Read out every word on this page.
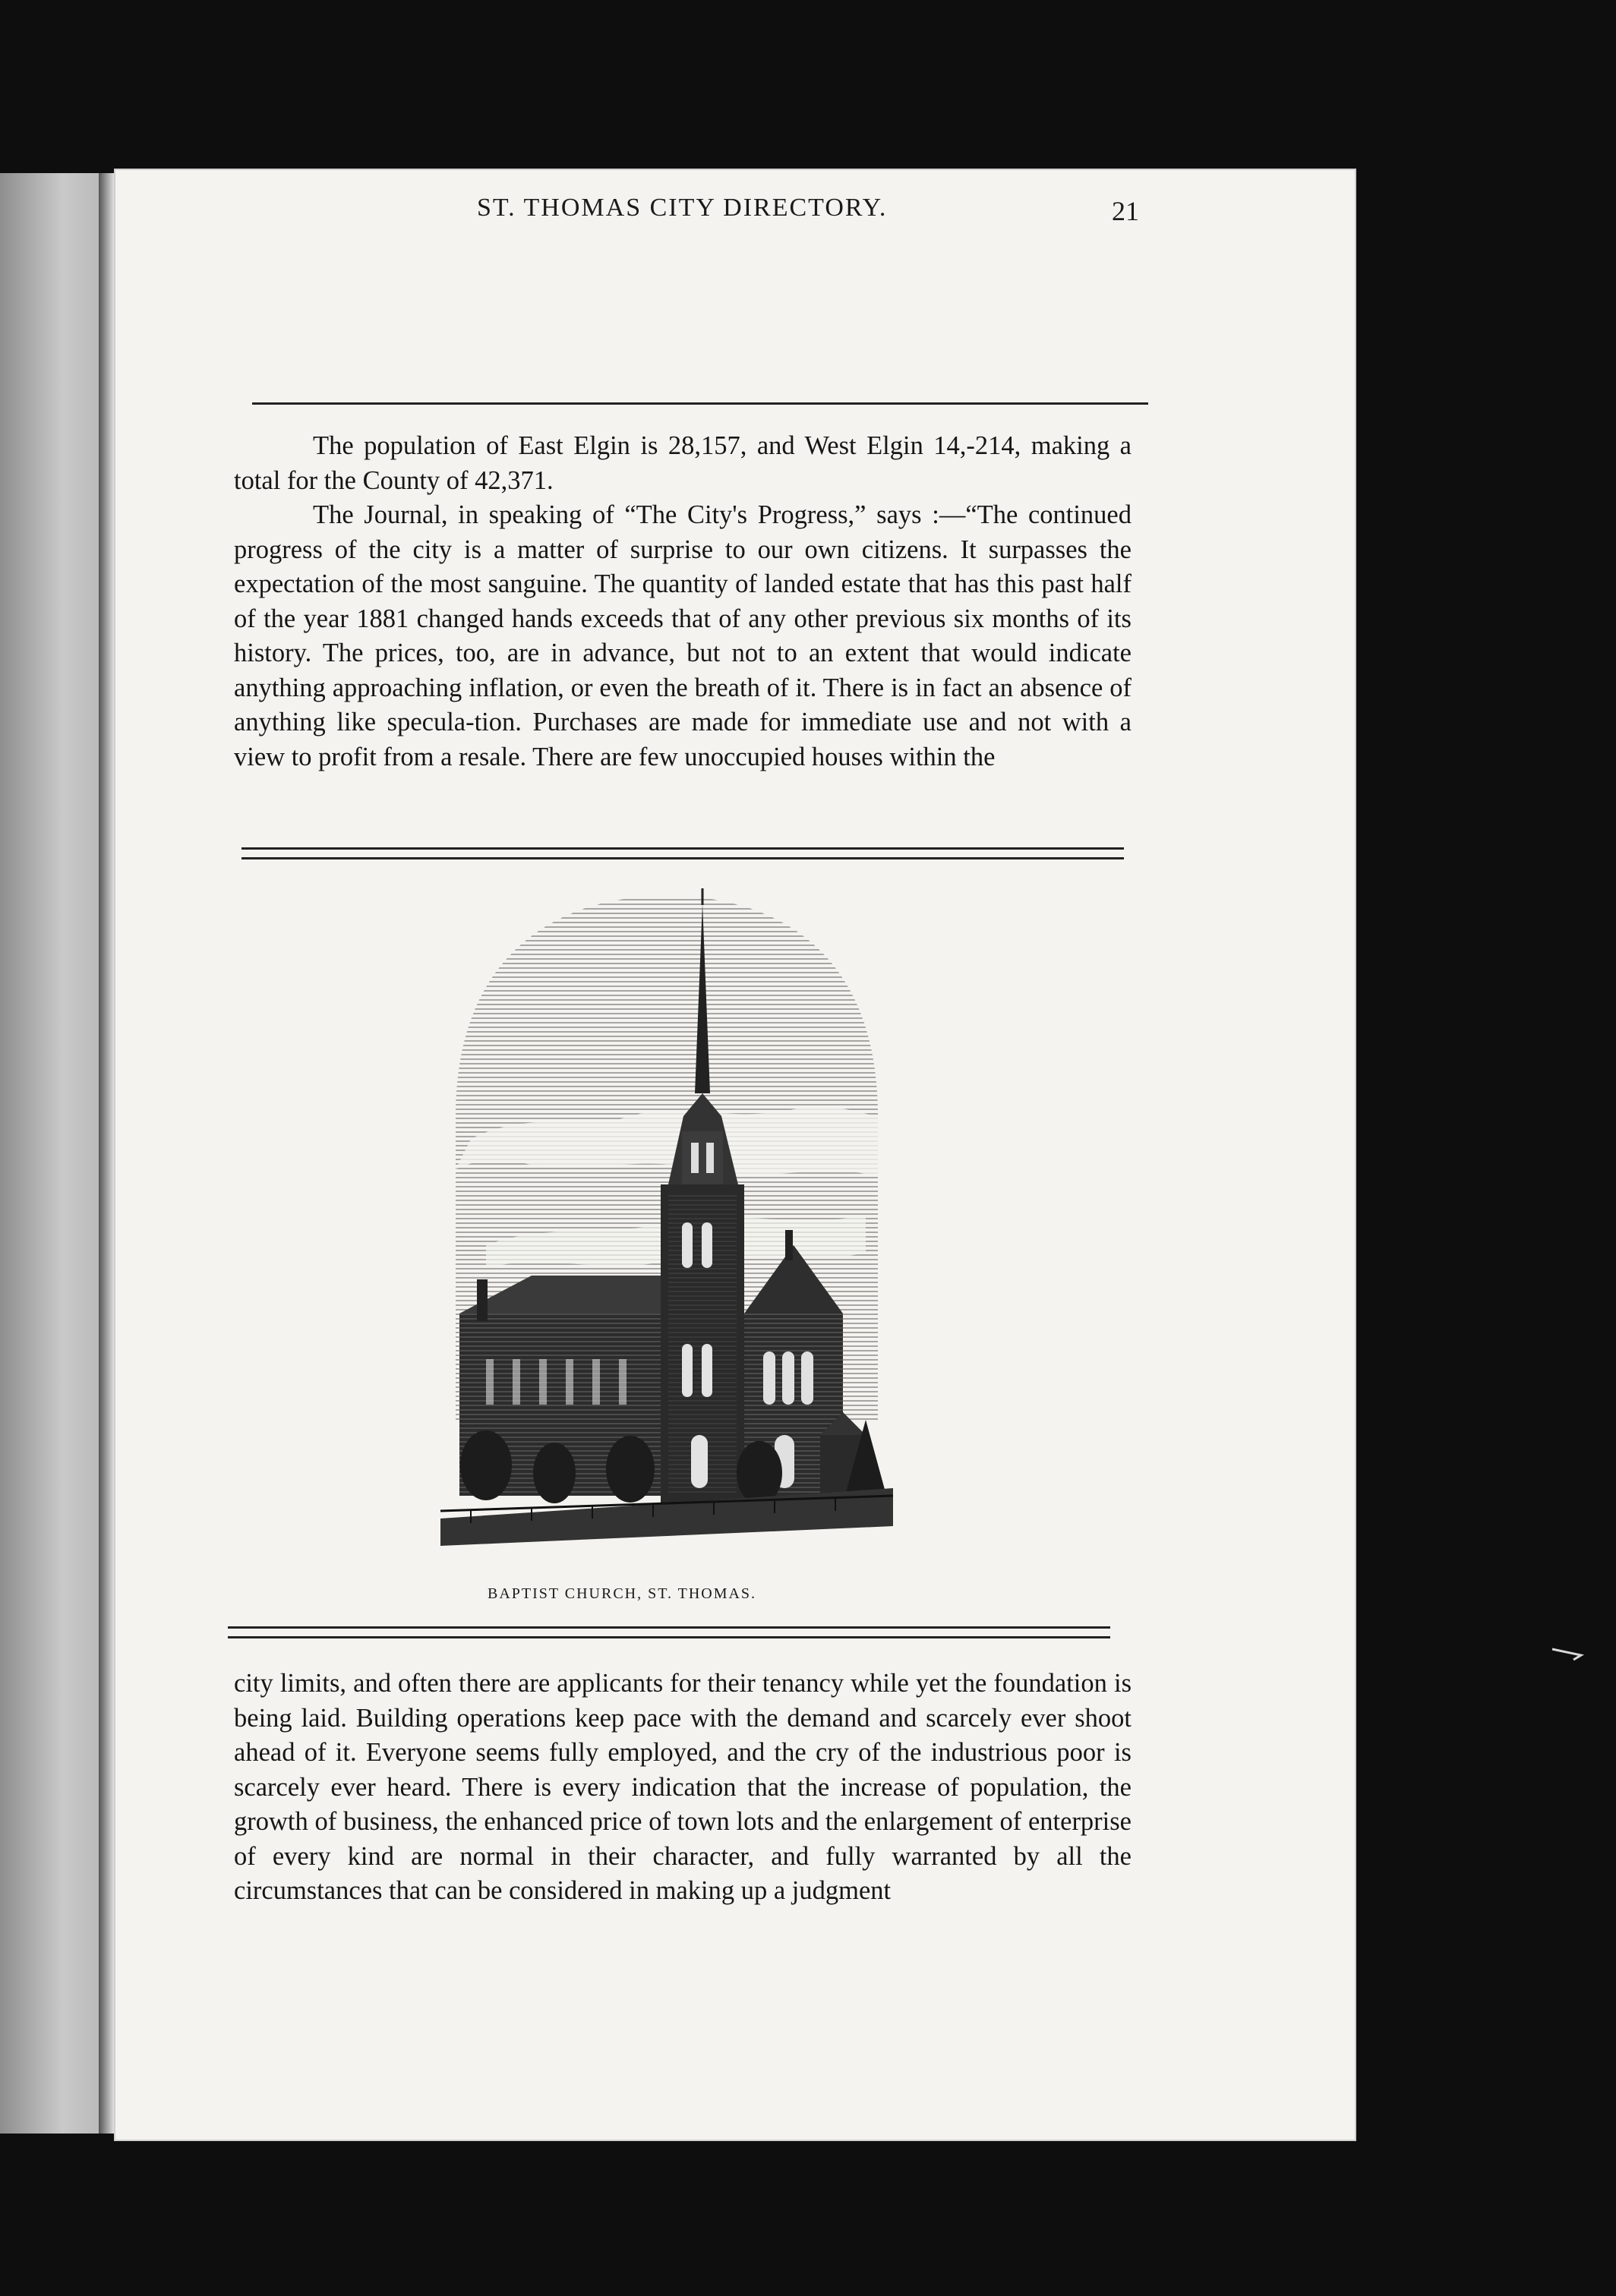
ST. THOMAS CITY DIRECTORY.	21

The population of East Elgin is 28,157, and West Elgin 14,-214, making a total for the County of 42,371.

The Journal, in speaking of “The City's Progress,” says :—“The continued progress of the city is a matter of surprise to our own citizens. It surpasses the expectation of the most sanguine. The quantity of landed estate that has this past half of the year 1881 changed hands exceeds that of any other previous six months of its history. The prices, too, are in advance, but not to an extent that would indicate anything approaching inflation, or even the breath of it. There is in fact an absence of anything like specula-tion. Purchases are made for immediate use and not with a view to profit from a resale. There are few unoccupied houses within the

BAPTIST CHURCH, ST. THOMAS.

city limits, and often there are applicants for their tenancy while yet the foundation is being laid. Building operations keep pace with the demand and scarcely ever shoot ahead of it. Everyone seems fully employed, and the cry of the industrious poor is scarcely ever heard. There is every indication that the increase of population, the growth of business, the enhanced price of town lots and the enlargement of enterprise of every kind are normal in their character, and fully warranted by all the circumstances that can be considered in making up a judgment
